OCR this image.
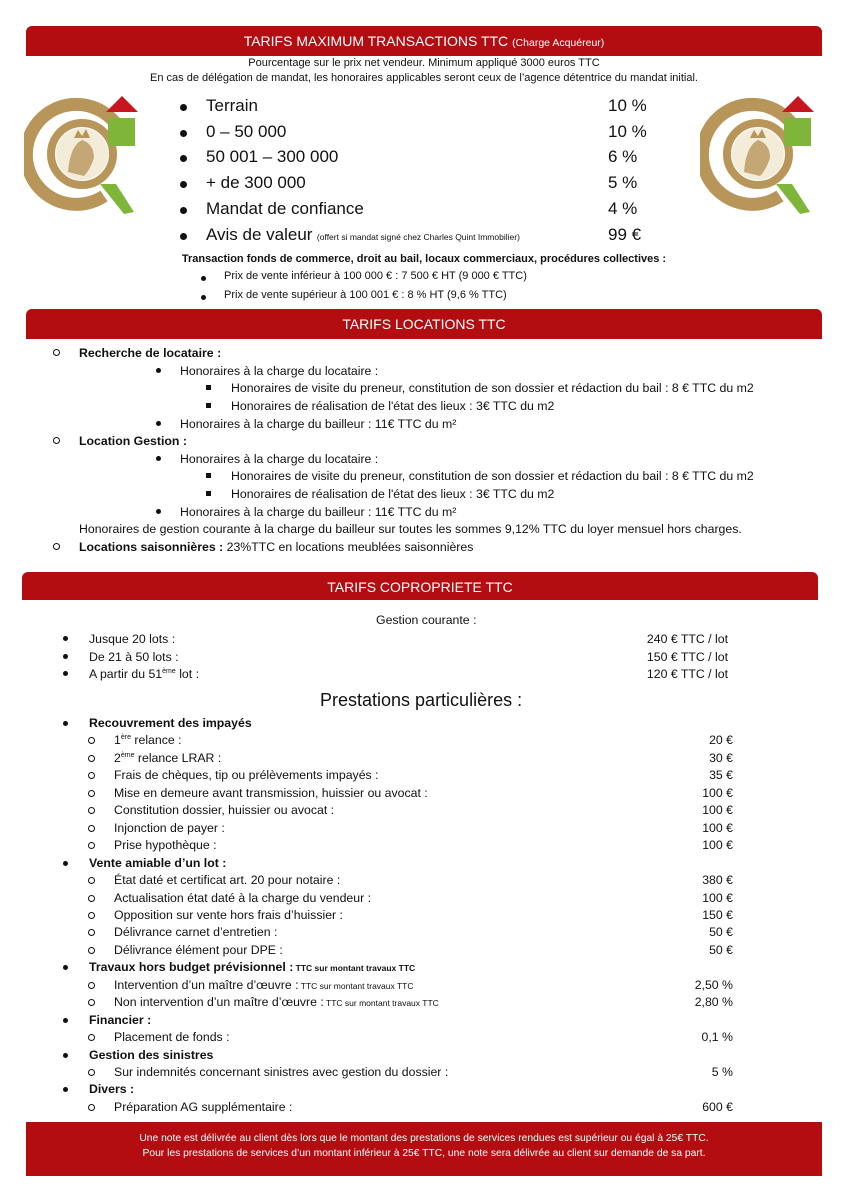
TARIFS MAXIMUM TRANSACTIONS TTC (Charge Acquéreur)
Pourcentage sur le prix net vendeur. Minimum appliqué 3000 euros TTC
En cas de délégation de mandat, les honoraires applicables seront ceux de l’agence détentrice du mandat initial.
Terrain	10 %
0 – 50 000	10 %
50 001 – 300 000	6 %
+ de 300 000	5 %
Mandat de confiance	4 %
Avis de valeur (offert si mandat signé chez Charles Quint Immobilier)	99 €
Transaction fonds de commerce, droit au bail, locaux commerciaux, procédures collectives :
Prix de vente inférieur à 100 000 € : 7 500 € HT (9 000 € TTC)
Prix de vente supérieur à 100 001 € : 8 % HT (9,6 % TTC)
TARIFS LOCATIONS TTC
Recherche de locataire :
Honoraires à la charge du locataire :
Honoraires de visite du preneur, constitution de son dossier et rédaction du bail : 8 € TTC du m2
Honoraires de réalisation de l'état des lieux : 3€ TTC du m2
Honoraires à la charge du bailleur : 11€ TTC du m²
Location Gestion :
Honoraires à la charge du locataire :
Honoraires de visite du preneur, constitution de son dossier et rédaction du bail : 8 € TTC du m2
Honoraires de réalisation de l'état des lieux : 3€ TTC du m2
Honoraires à la charge du bailleur : 11€ TTC du m²
Honoraires de gestion courante à la charge du bailleur sur toutes les sommes 9,12% TTC du loyer mensuel hors charges.
Locations saisonnières : 23%TTC en locations meublées saisonnières
TARIFS COPROPRIETE TTC
Gestion courante :
Jusque 20 lots :	240 € TTC / lot
De 21 à 50 lots :	150 € TTC / lot
A partir du 51ème lot :	120 € TTC / lot
Prestations particulières :
Recouvrement des impayés
1ère relance :	20 €
2ème relance LRAR :	30 €
Frais de chèques, tip ou prélèvements impayés :	35 €
Mise en demeure avant transmission, huissier ou avocat :	100 €
Constitution dossier, huissier ou avocat :	100 €
Injonction de payer :	100 €
Prise hypothèque :	100 €
Vente amiable d’un lot :
État daté et certificat art. 20 pour notaire :	380 €
Actualisation état daté à la charge du vendeur :	100 €
Opposition sur vente hors frais d’huissier :	150 €
Délivrance carnet d’entretien :	50 €
Délivrance élément pour DPE :	50 €
Travaux hors budget prévisionnel : TTC sur montant travaux TTC
Intervention d’un maître d’œuvre : TTC sur montant travaux TTC	2,50 %
Non intervention d’un maître d’œuvre : TTC sur montant travaux TTC	2,80 %
Financier :
Placement de fonds :	0,1 %
Gestion des sinistres
Sur indemnités concernant sinistres avec gestion du dossier :	5 %
Divers :
Préparation AG supplémentaire :	600 €
Une note est délivrée au client dès lors que le montant des prestations de services rendues est supérieur ou égal à 25€ TTC.
Pour les prestations de services d’un montant inférieur à 25€ TTC, une note sera délivrée au client sur demande de sa part.
